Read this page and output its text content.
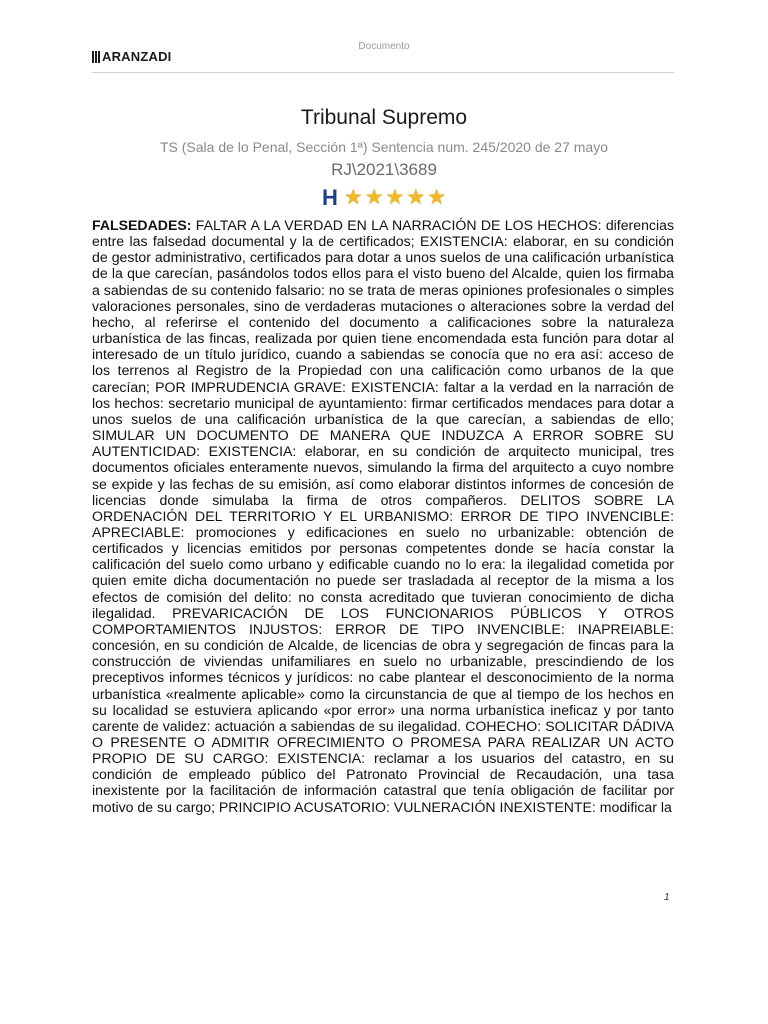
Documento
ARANZADI
Tribunal Supremo
TS (Sala de lo Penal, Sección 1ª) Sentencia num. 245/2020 de 27 mayo
RJ\2021\3689
H ★ ★ ★ ★ ★

FALSEDADES: FALTAR A LA VERDAD EN LA NARRACIÓN DE LOS HECHOS: diferencias entre las falsedad documental y la de certificados; EXISTENCIA: elaborar, en su condición de gestor administrativo, certificados para dotar a unos suelos de una calificación urbanística de la que carecían, pasándolos todos ellos para el visto bueno del Alcalde, quien los firmaba a sabiendas de su contenido falsario: no se trata de meras opiniones profesionales o simples valoraciones personales, sino de verdaderas mutaciones o alteraciones sobre la verdad del hecho, al referirse el contenido del documento a calificaciones sobre la naturaleza urbanística de las fincas, realizada por quien tiene encomendada esta función para dotar al interesado de un título jurídico, cuando a sabiendas se conocía que no era así: acceso de los terrenos al Registro de la Propiedad con una calificación como urbanos de la que carecían; POR IMPRUDENCIA GRAVE: EXISTENCIA: faltar a la verdad en la narración de los hechos: secretario municipal de ayuntamiento: firmar certificados mendaces para dotar a unos suelos de una calificación urbanística de la que carecían, a sabiendas de ello; SIMULAR UN DOCUMENTO DE MANERA QUE INDUZCA A ERROR SOBRE SU AUTENTICIDAD: EXISTENCIA: elaborar, en su condición de arquitecto municipal, tres documentos oficiales enteramente nuevos, simulando la firma del arquitecto a cuyo nombre se expide y las fechas de su emisión, así como elaborar distintos informes de concesión de licencias donde simulaba la firma de otros compañeros. DELITOS SOBRE LA ORDENACIÓN DEL TERRITORIO Y EL URBANISMO: ERROR DE TIPO INVENCIBLE: APRECIABLE: promociones y edificaciones en suelo no urbanizable: obtención de certificados y licencias emitidos por personas competentes donde se hacía constar la calificación del suelo como urbano y edificable cuando no lo era: la ilegalidad cometida por quien emite dicha documentación no puede ser trasladada al receptor de la misma a los efectos de comisión del delito: no consta acreditado que tuvieran conocimiento de dicha ilegalidad. PREVARICACIÓN DE LOS FUNCIONARIOS PÚBLICOS Y OTROS COMPORTAMIENTOS INJUSTOS: ERROR DE TIPO INVENCIBLE: INAPREIABLE: concesión, en su condición de Alcalde, de licencias de obra y segregación de fincas para la construcción de viviendas unifamiliares en suelo no urbanizable, prescindiendo de los preceptivos informes técnicos y jurídicos: no cabe plantear el desconocimiento de la norma urbanística «realmente aplicable» como la circunstancia de que al tiempo de los hechos en su localidad se estuviera aplicando «por error» una norma urbanística ineficaz y por tanto carente de validez: actuación a sabiendas de su ilegalidad. COHECHO: SOLICITAR DÁDIVA O PRESENTE O ADMITIR OFRECIMIENTO O PROMESA PARA REALIZAR UN ACTO PROPIO DE SU CARGO: EXISTENCIA: reclamar a los usuarios del catastro, en su condición de empleado público del Patronato Provincial de Recaudación, una tasa inexistente por la facilitación de información catastral que tenía obligación de facilitar por motivo de su cargo; PRINCIPIO ACUSATORIO: VULNERACIÓN INEXISTENTE: modificar la

1
